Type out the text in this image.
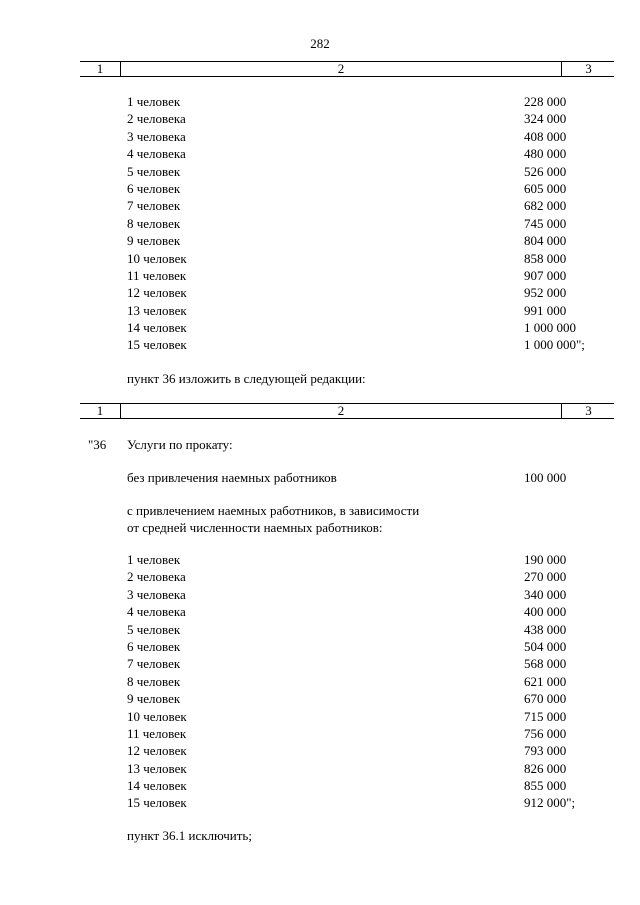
282
1	2	3
1 человек	228 000
2 человека	324 000
3 человека	408 000
4 человека	480 000
5 человек	526 000
6 человек	605 000
7 человек	682 000
8 человек	745 000
9 человек	804 000
10 человек	858 000
11 человек	907 000
12 человек	952 000
13 человек	991 000
14 человек	1 000 000
15 человек	1 000 000";
пункт 36 изложить в следующей редакции:
1	2	3
"36 Услуги по прокату:
без привлечения наемных работников	100 000
с привлечением наемных работников, в зависимости
от средней численности наемных работников:
1 человек	190 000
2 человека	270 000
3 человека	340 000
4 человека	400 000
5 человек	438 000
6 человек	504 000
7 человек	568 000
8 человек	621 000
9 человек	670 000
10 человек	715 000
11 человек	756 000
12 человек	793 000
13 человек	826 000
14 человек	855 000
15 человек	912 000";
пункт 36.1 исключить;
